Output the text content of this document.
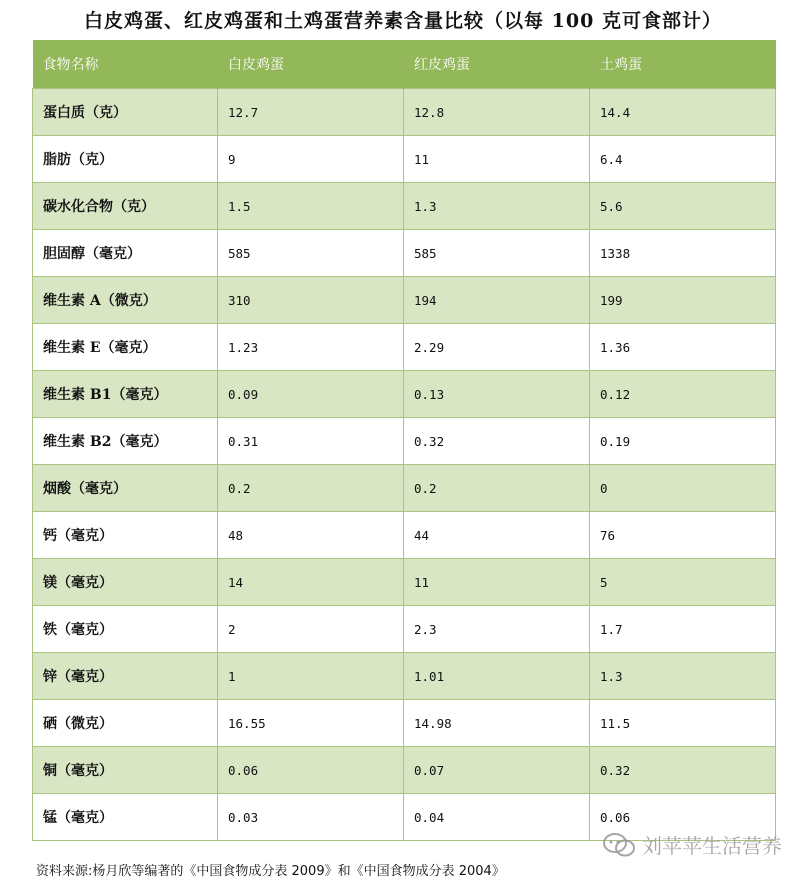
白皮鸡蛋、红皮鸡蛋和土鸡蛋营养素含量比较（以每 100 克可食部计）
食物名称	白皮鸡蛋	红皮鸡蛋	土鸡蛋
蛋白质（克）	12.7	12.8	14.4
脂肪（克）	9	11	6.4
碳水化合物（克）	1.5	1.3	5.6
胆固醇（毫克）	585	585	1338
维生素 A（微克）	310	194	199
维生素 E（毫克）	1.23	2.29	1.36
维生素 B1（毫克）	0.09	0.13	0.12
维生素 B2（毫克）	0.31	0.32	0.19
烟酸（毫克）	0.2	0.2	0
钙（毫克）	48	44	76
镁（毫克）	14	11	5
铁（毫克）	2	2.3	1.7
锌（毫克）	1	1.01	1.3
硒（微克）	16.55	14.98	11.5
铜（毫克）	0.06	0.07	0.32
锰（毫克）	0.03	0.04	0.06
资料来源:杨月欣等编著的《中国食物成分表 2009》和《中国食物成分表 2004》
刘苹苹生活营养
